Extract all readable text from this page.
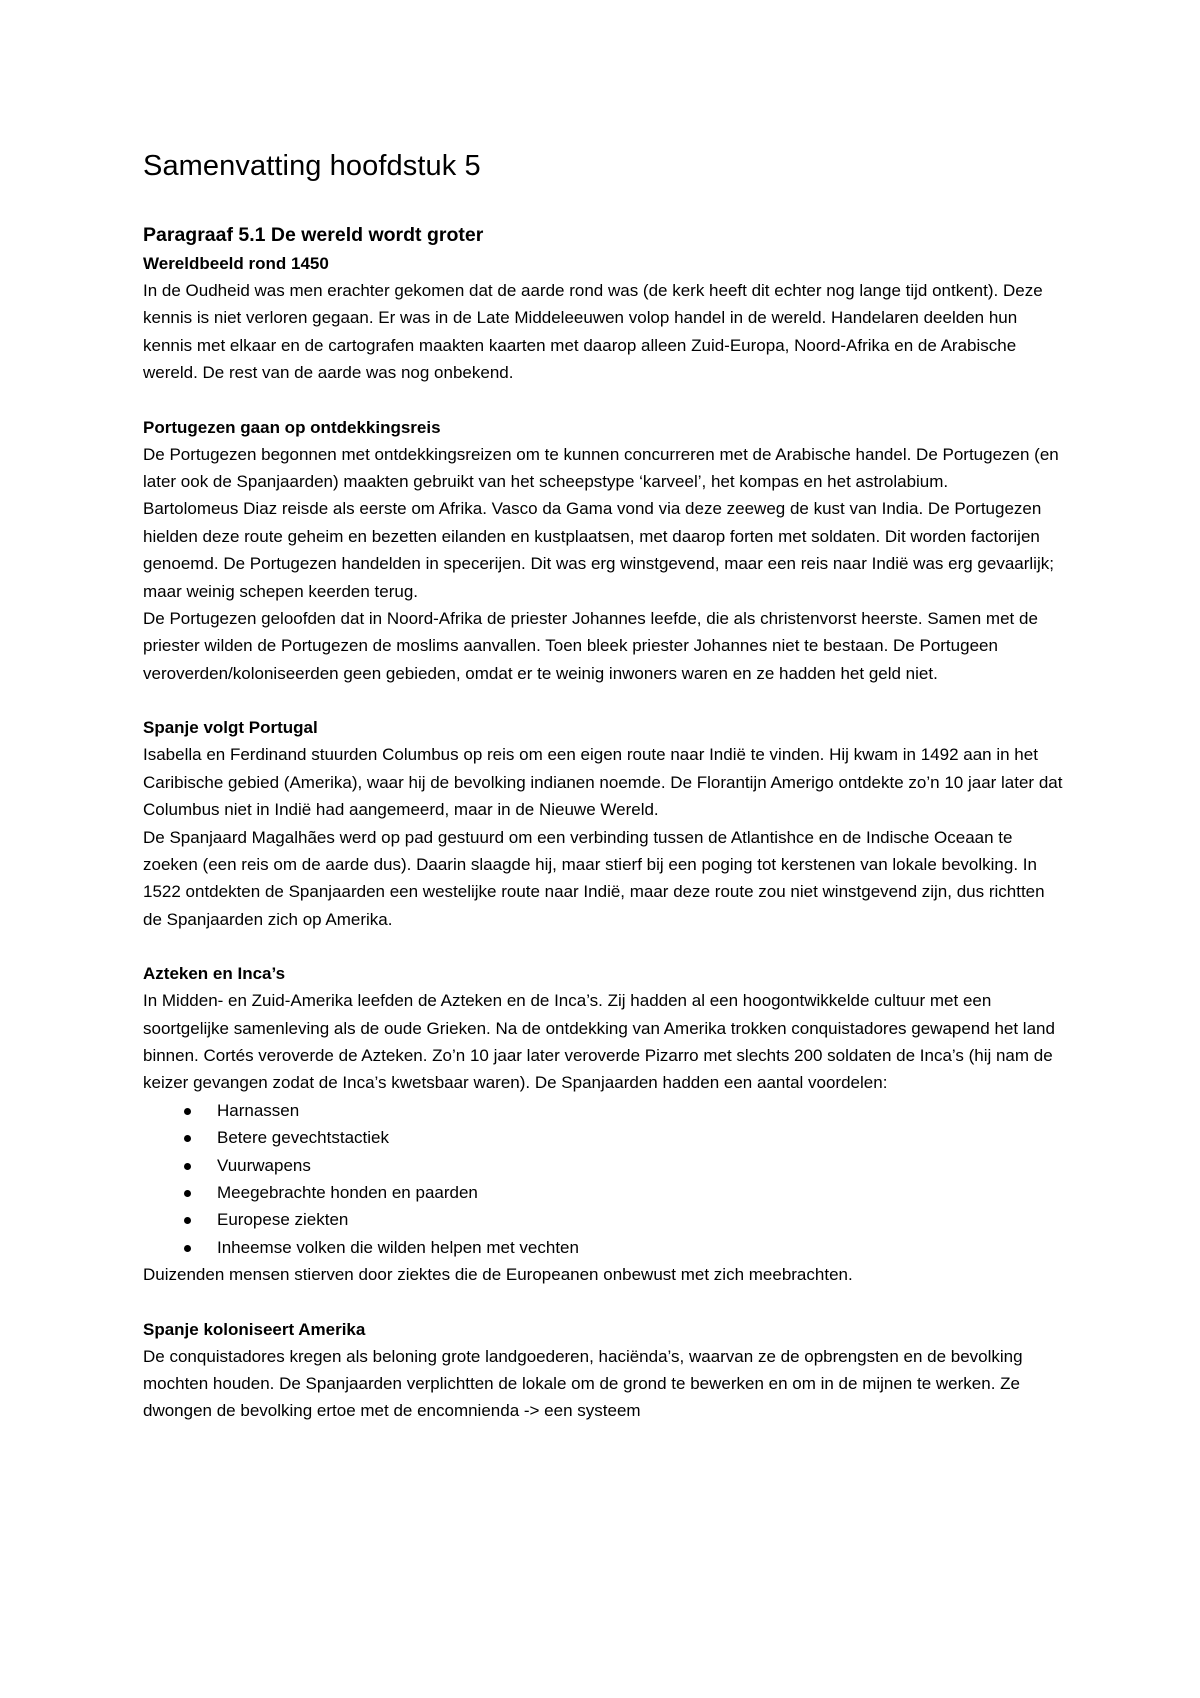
Samenvatting hoofdstuk 5
Paragraaf 5.1 De wereld wordt groter
Wereldbeeld rond 1450

In de Oudheid was men erachter gekomen dat de aarde rond was (de kerk heeft dit echter nog lange tijd ontkent). Deze kennis is niet verloren gegaan. Er was in de Late Middeleeuwen volop handel in de wereld. Handelaren deelden hun kennis met elkaar en de cartografen maakten kaarten met daarop alleen Zuid-Europa, Noord-Afrika en de Arabische wereld. De rest van de aarde was nog onbekend.

Portugezen gaan op ontdekkingsreis

De Portugezen begonnen met ontdekkingsreizen om te kunnen concurreren met de Arabische handel. De Portugezen (en later ook de Spanjaarden) maakten gebruikt van het scheepstype ‘karveel’, het kompas en het astrolabium.

Bartolomeus Diaz reisde als eerste om Afrika. Vasco da Gama vond via deze zeeweg de kust van India. De Portugezen hielden deze route geheim en bezetten eilanden en kustplaatsen, met daarop forten met soldaten. Dit worden factorijen genoemd. De Portugezen handelden in specerijen. Dit was erg winstgevend, maar een reis naar Indië was erg gevaarlijk; maar weinig schepen keerden terug.

De Portugezen geloofden dat in Noord-Afrika de priester Johannes leefde, die als christenvorst heerste. Samen met de priester wilden de Portugezen de moslims aanvallen. Toen bleek priester Johannes niet te bestaan. De Portugeen veroverden/koloniseerden geen gebieden, omdat er te weinig inwoners waren en ze hadden het geld niet.

Spanje volgt Portugal

Isabella en Ferdinand stuurden Columbus op reis om een eigen route naar Indië te vinden. Hij kwam in 1492 aan in het Caribische gebied (Amerika), waar hij de bevolking indianen noemde. De Florantijn Amerigo ontdekte zo’n 10 jaar later dat Columbus niet in Indië had aangemeerd, maar in de Nieuwe Wereld.

De Spanjaard Magalhães werd op pad gestuurd om een verbinding tussen de Atlantishce en de Indische Oceaan te zoeken (een reis om de aarde dus). Daarin slaagde hij, maar stierf bij een poging tot kerstenen van lokale bevolking. In 1522 ontdekten de Spanjaarden een westelijke route naar Indië, maar deze route zou niet winstgevend zijn, dus richtten de Spanjaarden zich op Amerika.

Azteken en Inca’s

In Midden- en Zuid-Amerika leefden de Azteken en de Inca’s. Zij hadden al een hoogontwikkelde cultuur met een soortgelijke samenleving als de oude Grieken. Na de ontdekking van Amerika trokken conquistadores gewapend het land binnen. Cortés veroverde de Azteken. Zo’n 10 jaar later veroverde Pizarro met slechts 200 soldaten de Inca’s (hij nam de keizer gevangen zodat de Inca’s kwetsbaar waren). De Spanjaarden hadden een aantal voordelen:

Harnassen
Betere gevechtstactiek
Vuurwapens
Meegebrachte honden en paarden
Europese ziekten
Inheemse volken die wilden helpen met vechten

Duizenden mensen stierven door ziektes die de Europeanen onbewust met zich meebrachten.

Spanje koloniseert Amerika

De conquistadores kregen als beloning grote landgoederen, haciënda’s, waarvan ze de opbrengsten en de bevolking mochten houden. De Spanjaarden verplichtten de lokale om de grond te bewerken en om in de mijnen te werken. Ze dwongen de bevolking ertoe met de encomnienda -> een systeem
